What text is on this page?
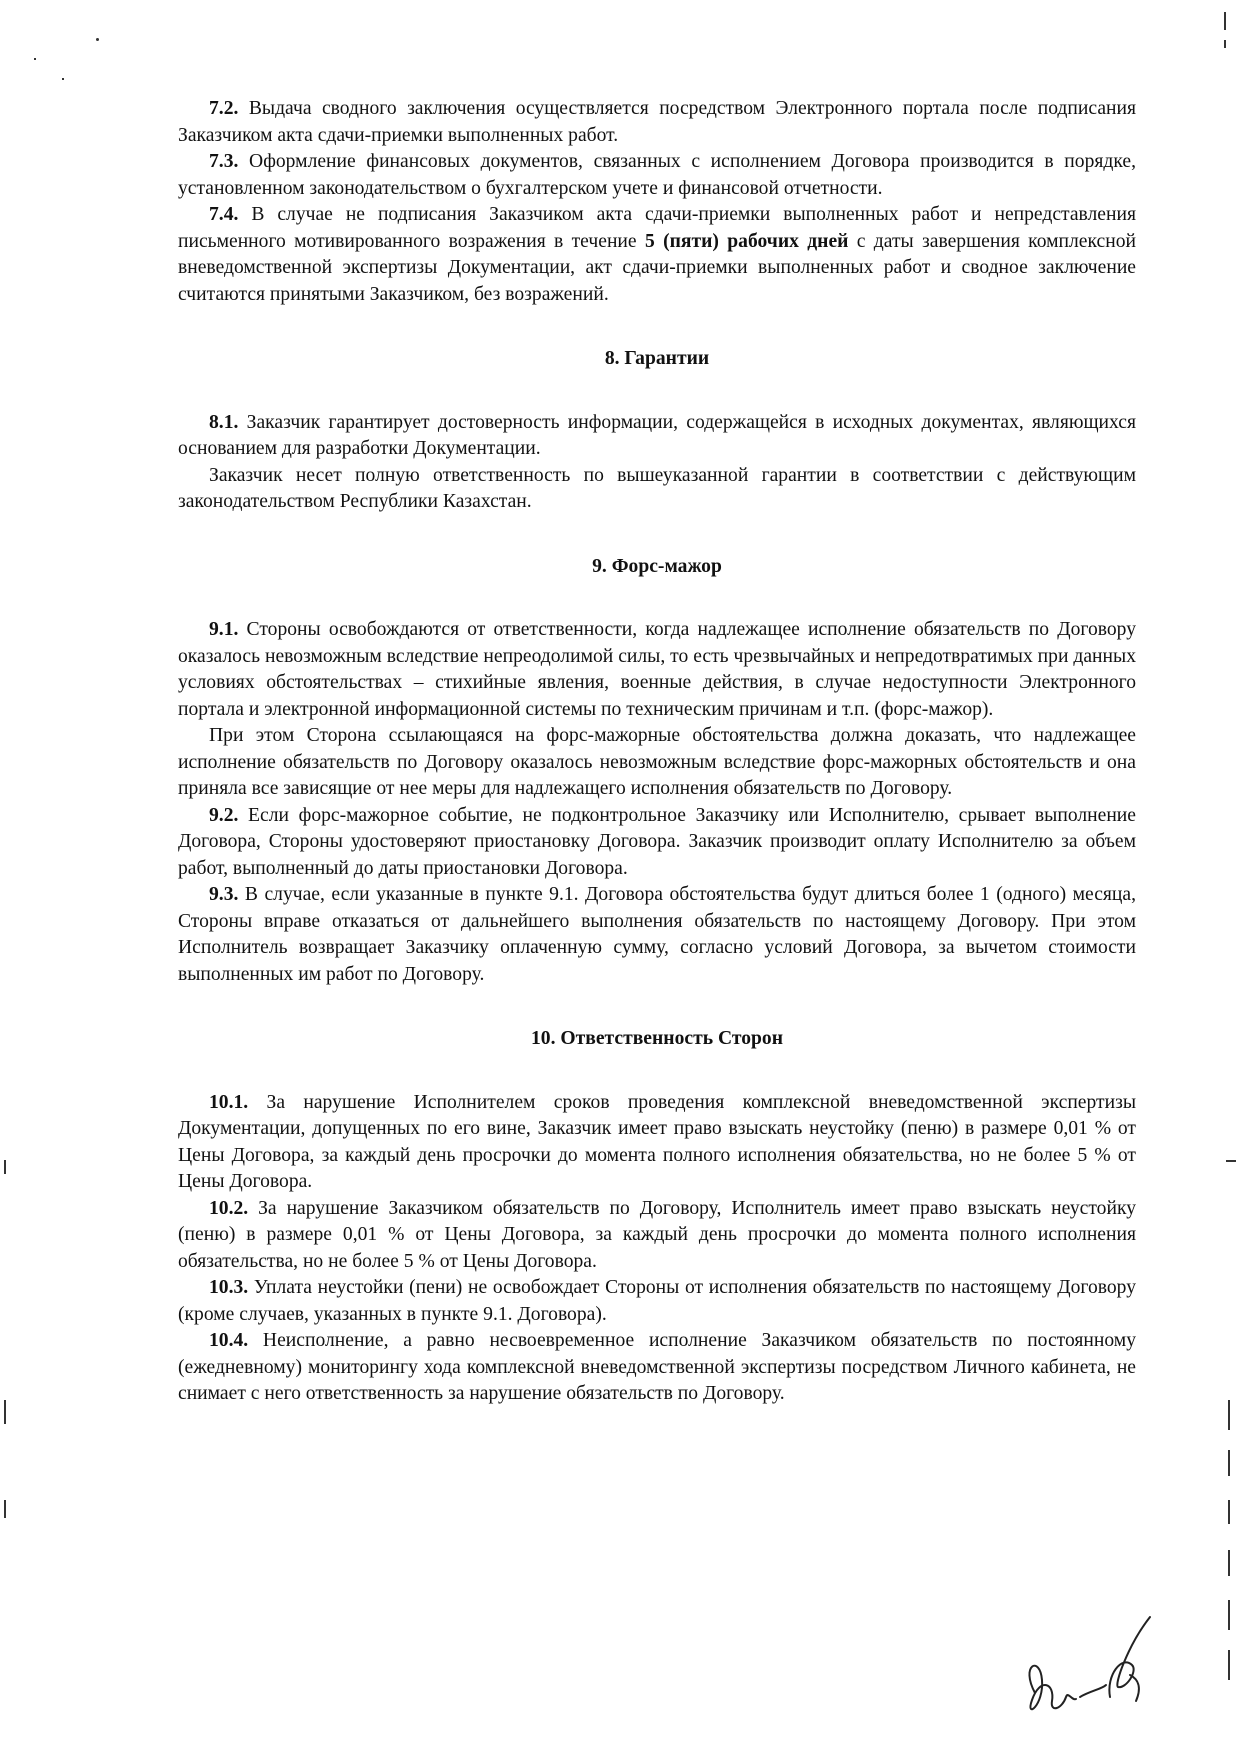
7.2. Выдача сводного заключения осуществляется посредством Электронного портала после подписания Заказчиком акта сдачи-приемки выполненных работ.

7.3. Оформление финансовых документов, связанных с исполнением Договора производится в порядке, установленном законодательством о бухгалтерском учете и финансовой отчетности.

7.4. В случае не подписания Заказчиком акта сдачи-приемки выполненных работ и непредставления письменного мотивированного возражения в течение 5 (пяти) рабочих дней с даты завершения комплексной вневедомственной экспертизы Документации, акт сдачи-приемки выполненных работ и сводное заключение считаются принятыми Заказчиком, без возражений.

8. Гарантии

8.1. Заказчик гарантирует достоверность информации, содержащейся в исходных документах, являющихся основанием для разработки Документации.

Заказчик несет полную ответственность по вышеуказанной гарантии в соответствии с действующим законодательством Республики Казахстан.

9. Форс-мажор

9.1. Стороны освобождаются от ответственности, когда надлежащее исполнение обязательств по Договору оказалось невозможным вследствие непреодолимой силы, то есть чрезвычайных и непредотвратимых при данных условиях обстоятельствах – стихийные явления, военные действия, в случае недоступности Электронного портала и электронной информационной системы по техническим причинам и т.п. (форс-мажор).

При этом Сторона ссылающаяся на форс-мажорные обстоятельства должна доказать, что надлежащее исполнение обязательств по Договору оказалось невозможным вследствие форс-мажорных обстоятельств и она приняла все зависящие от нее меры для надлежащего исполнения обязательств по Договору.

9.2. Если форс-мажорное событие, не подконтрольное Заказчику или Исполнителю, срывает выполнение Договора, Стороны удостоверяют приостановку Договора. Заказчик производит оплату Исполнителю за объем работ, выполненный до даты приостановки Договора.

9.3. В случае, если указанные в пункте 9.1. Договора обстоятельства будут длиться более 1 (одного) месяца, Стороны вправе отказаться от дальнейшего выполнения обязательств по настоящему Договору. При этом Исполнитель возвращает Заказчику оплаченную сумму, согласно условий Договора, за вычетом стоимости выполненных им работ по Договору.

10. Ответственность Сторон

10.1. За нарушение Исполнителем сроков проведения комплексной вневедомственной экспертизы Документации, допущенных по его вине, Заказчик имеет право взыскать неустойку (пеню) в размере 0,01 % от Цены Договора, за каждый день просрочки до момента полного исполнения обязательства, но не более 5 % от Цены Договора.

10.2. За нарушение Заказчиком обязательств по Договору, Исполнитель имеет право взыскать неустойку (пеню) в размере 0,01 % от Цены Договора, за каждый день просрочки до момента полного исполнения обязательства, но не более 5 % от Цены Договора.

10.3. Уплата неустойки (пени) не освобождает Стороны от исполнения обязательств по настоящему Договору (кроме случаев, указанных в пункте 9.1. Договора).

10.4. Неисполнение, а равно несвоевременное исполнение Заказчиком обязательств по постоянному (ежедневному) мониторингу хода комплексной вневедомственной экспертизы посредством Личного кабинета, не снимает с него ответственность за нарушение обязательств по Договору.
